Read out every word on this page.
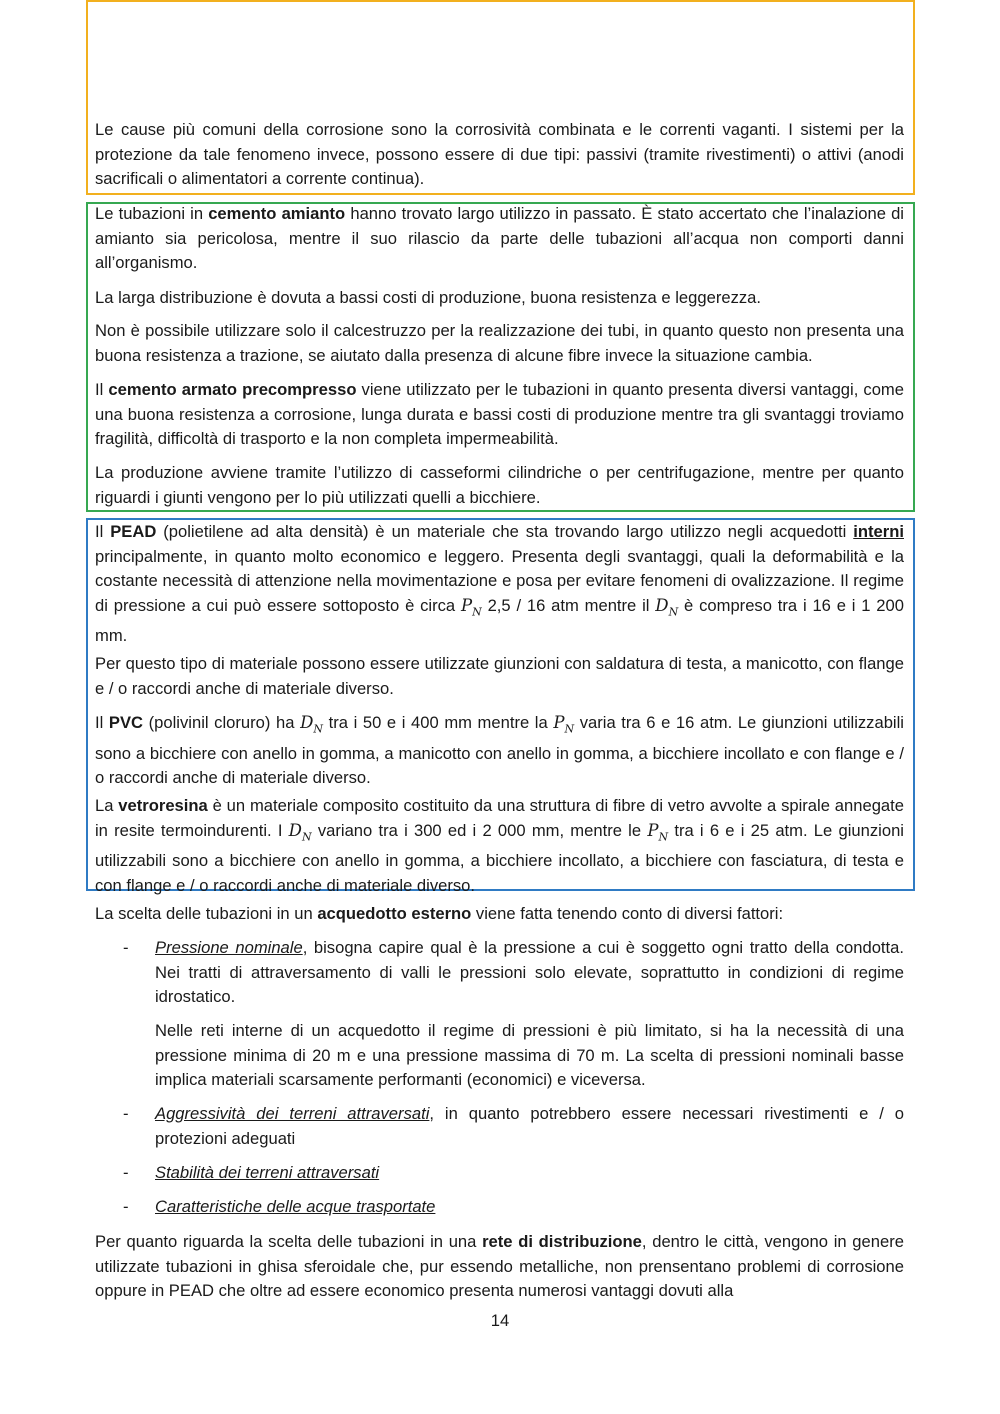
Le cause più comuni della corrosione sono la corrosività combinata e le correnti vaganti. I sistemi per la protezione da tale fenomeno invece, possono essere di due tipi: passivi (tramite rivestimenti) o attivi (anodi sacrificali o alimentatori a corrente continua).

Le tubazioni in cemento amianto hanno trovato largo utilizzo in passato. È stato accertato che l’inalazione di amianto sia pericolosa, mentre il suo rilascio da parte delle tubazioni all’acqua non comporti danni all’organismo.

La larga distribuzione è dovuta a bassi costi di produzione, buona resistenza e leggerezza.

Non è possibile utilizzare solo il calcestruzzo per la realizzazione dei tubi, in quanto questo non presenta una buona resistenza a trazione, se aiutato dalla presenza di alcune fibre invece la situazione cambia.

Il cemento armato precompresso viene utilizzato per le tubazioni in quanto presenta diversi vantaggi, come una buona resistenza a corrosione, lunga durata e bassi costi di produzione mentre tra gli svantaggi troviamo fragilità, difficoltà di trasporto e la non completa impermeabilità.

La produzione avviene tramite l’utilizzo di casseformi cilindriche o per centrifugazione, mentre per quanto riguardi i giunti vengono per lo più utilizzati quelli a bicchiere.

Il PEAD (polietilene ad alta densità) è un materiale che sta trovando largo utilizzo negli acquedotti interni principalmente, in quanto molto economico e leggero. Presenta degli svantaggi, quali la deformabilità e la costante necessità di attenzione nella movimentazione e posa per evitare fenomeni di ovalizzazione. Il regime di pressione a cui può essere sottoposto è circa $P_N$ 2,5 / 16 atm mentre il $D_N$ è compreso tra i 16 e i 1 200 mm.

Per questo tipo di materiale possono essere utilizzate giunzioni con saldatura di testa, a manicotto, con flange e / o raccordi anche di materiale diverso.

Il PVC (polivinil cloruro) ha $D_N$ tra i 50 e i 400 mm mentre la $P_N$ varia tra 6 e 16 atm. Le giunzioni utilizzabili sono a bicchiere con anello in gomma, a manicotto con anello in gomma, a bicchiere incollato e con flange e / o raccordi anche di materiale diverso.

La vetroresina è un materiale composito costituito da una struttura di fibre di vetro avvolte a spirale annegate in resite termoindurenti. I $D_N$ variano tra i 300 ed i 2 000 mm, mentre le $P_N$ tra i 6 e i 25 atm. Le giunzioni utilizzabili sono a bicchiere con anello in gomma, a bicchiere incollato, a bicchiere con fasciatura, di testa e con flange e / o raccordi anche di materiale diverso.

La scelta delle tubazioni in un acquedotto esterno viene fatta tenendo conto di diversi fattori:

- Pressione nominale, bisogna capire qual è la pressione a cui è soggetto ogni tratto della condotta. Nei tratti di attraversamento di valli le pressioni solo elevate, soprattutto in condizioni di regime idrostatico.
Nelle reti interne di un acquedotto il regime di pressioni è più limitato, si ha la necessità di una pressione minima di 20 m e una pressione massima di 70 m. La scelta di pressioni nominali basse implica materiali scarsamente performanti (economici) e viceversa.
- Aggressività dei terreni attraversati, in quanto potrebbero essere necessari rivestimenti e / o protezioni adeguati
- Stabilità dei terreni attraversati
- Caratteristiche delle acque trasportate

Per quanto riguarda la scelta delle tubazioni in una rete di distribuzione, dentro le città, vengono in genere utilizzate tubazioni in ghisa sferoidale che, pur essendo metalliche, non prensentano problemi di corrosione oppure in PEAD che oltre ad essere economico presenta numerosi vantaggi dovuti alla

14
